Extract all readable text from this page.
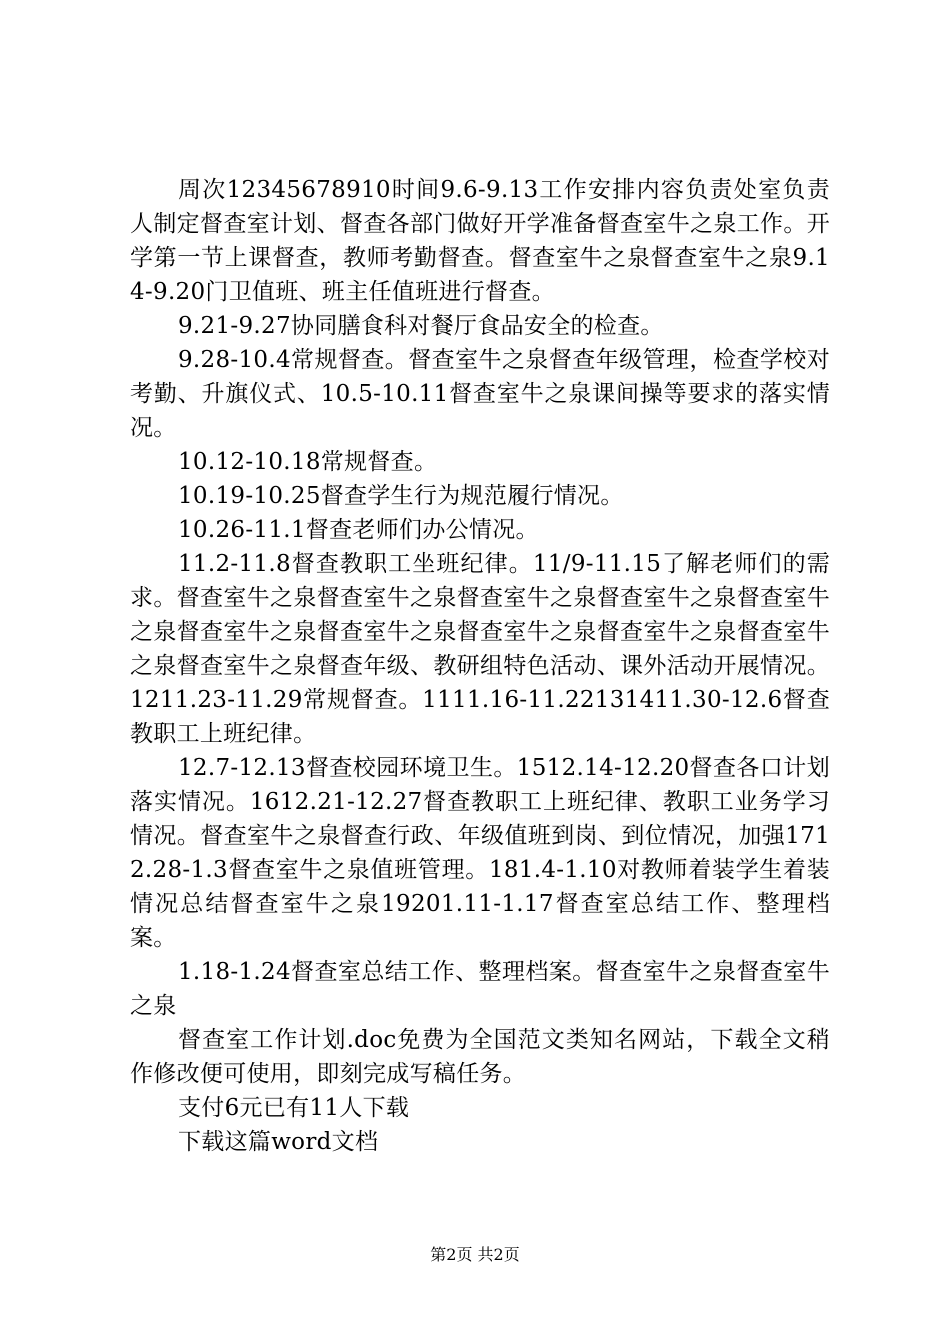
周次12345678910时间9.6-9.13工作安排内容负责处室负责人制定督查室计划、督查各部门做好开学准备督查室牛之泉工作。开学第一节上课督查，教师考勤督查。督查室牛之泉督查室牛之泉9.14-9.20门卫值班、班主任值班进行督查。

9.21-9.27协同膳食科对餐厅食品安全的检查。

9.28-10.4常规督查。督查室牛之泉督查年级管理，检查学校对考勤、升旗仪式、10.5-10.11督查室牛之泉课间操等要求的落实情况。

10.12-10.18常规督查。

10.19-10.25督查学生行为规范履行情况。

10.26-11.1督查老师们办公情况。

11.2-11.8督查教职工坐班纪律。11/9-11.15了解老师们的需求。督查室牛之泉督查室牛之泉督查室牛之泉督查室牛之泉督查室牛之泉督查室牛之泉督查室牛之泉督查室牛之泉督查室牛之泉督查室牛之泉督查室牛之泉督查年级、教研组特色活动、课外活动开展情况。1211.23-11.29常规督查。1111.16-11.22131411.30-12.6督查教职工上班纪律。

12.7-12.13督查校园环境卫生。1512.14-12.20督查各口计划落实情况。1612.21-12.27督查教职工上班纪律、教职工业务学习情况。督查室牛之泉督查行政、年级值班到岗、到位情况，加强1712.28-1.3督查室牛之泉值班管理。181.4-1.10对教师着装学生着装情况总结督查室牛之泉19201.11-1.17督查室总结工作、整理档案。

1.18-1.24督查室总结工作、整理档案。督查室牛之泉督查室牛之泉

督查室工作计划.doc免费为全国范文类知名网站，下载全文稍作修改便可使用，即刻完成写稿任务。

支付6元已有11人下载

下载这篇word文档

第2页 共2页
